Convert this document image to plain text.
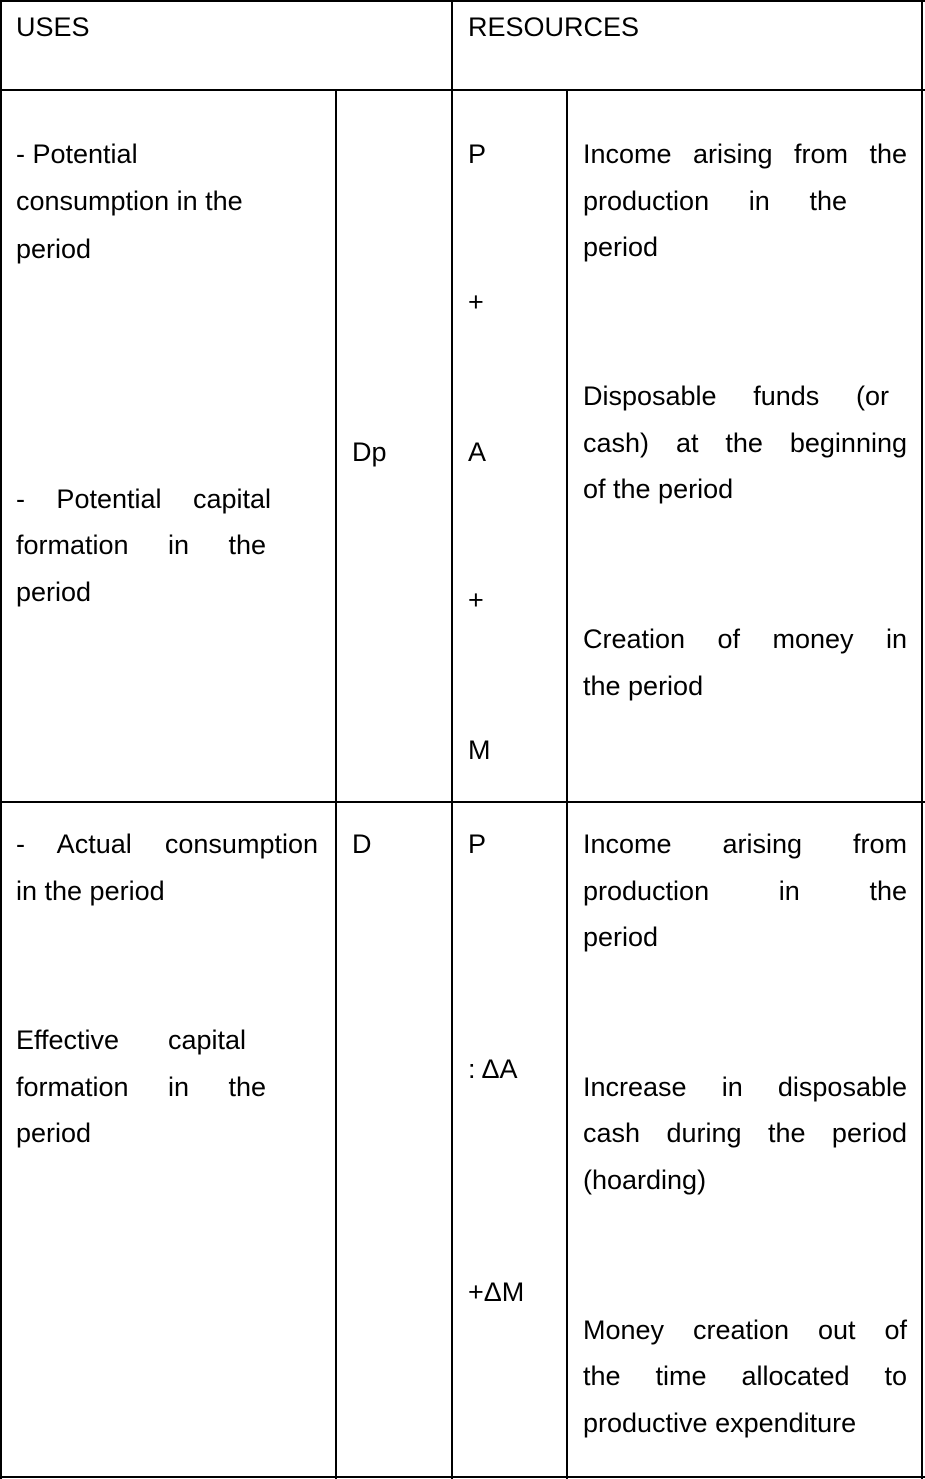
USES	RESOURCES
- Potential
consumption in the
period
- Potential capital
formation in the
period
Dp
P
+
A
+
M
Income arising from the
production in the
period
Disposable funds (or
cash) at the beginning
of the period
Creation of money in
the period
- Actual consumption
in the period
Effective capital
formation in the
period
D	P
: ΔA
+ΔM
Income arising from
production in the
period
Increase in disposable
cash during the period
(hoarding)
Money creation out of
the time allocated to
productive expenditure
